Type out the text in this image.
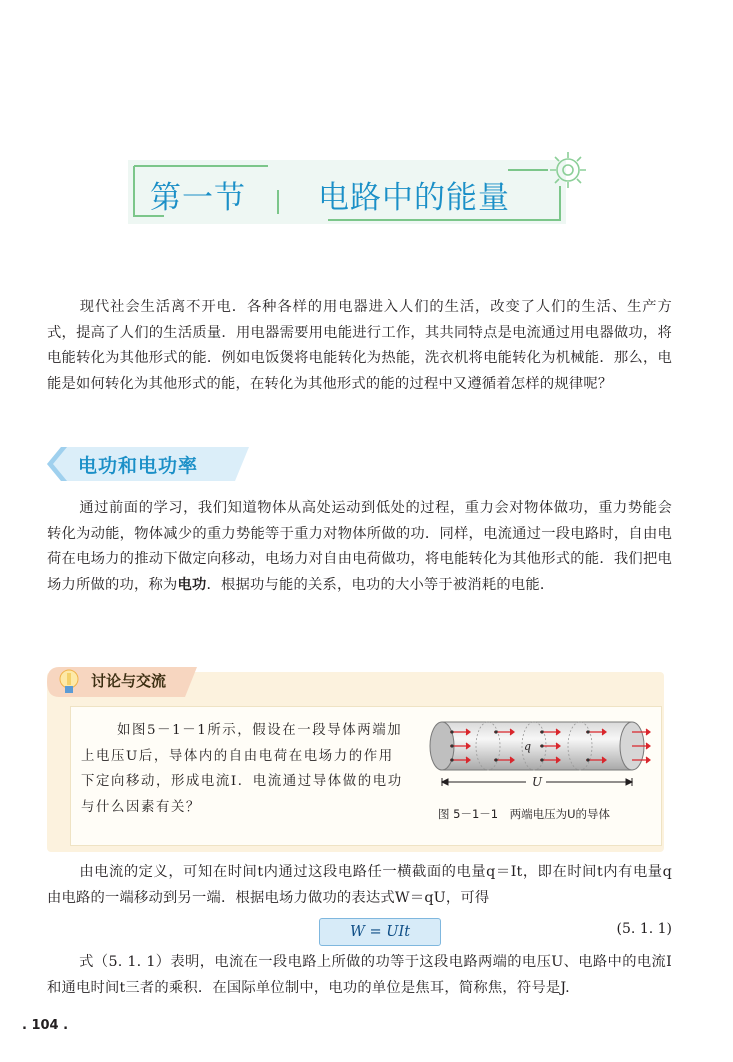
第一节 电路中的能量
现代社会生活离不开电．各种各样的用电器进入人们的生活，改变了人们的生活、生产方式，提高了人们的生活质量．用电器需要用电能进行工作，其共同特点是电流通过用电器做功，将电能转化为其他形式的能．例如电饭煲将电能转化为热能，洗衣机将电能转化为机械能．那么，电能是如何转化为其他形式的能，在转化为其他形式的能的过程中又遵循着怎样的规律呢？
电功和电功率
通过前面的学习，我们知道物体从高处运动到低处的过程，重力会对物体做功，重力势能会转化为动能，物体减少的重力势能等于重力对物体所做的功．同样，电流通过一段电路时，自由电荷在电场力的推动下做定向移动，电场力对自由电荷做功，将电能转化为其他形式的能．我们把电场力所做的功，称为电功．根据功与能的关系，电功的大小等于被消耗的电能．
讨论与交流
如图5－1－1所示，假设在一段导体两端加上电压U后，导体内的自由电荷在电场力的作用下定向移动，形成电流I．电流通过导体做的电功与什么因素有关？
q
U
图 5－1－1　两端电压为U的导体
由电流的定义，可知在时间t内通过这段电路任一横截面的电量q＝It，即在时间t内有电量q由电路的一端移动到另一端．根据电场力做功的表达式W＝qU，可得
W = UIt	(5. 1. 1)
式（5. 1. 1）表明，电流在一段电路上所做的功等于这段电路两端的电压U、电路中的电流I和通电时间t三者的乘积．在国际单位制中，电功的单位是焦耳，简称焦，符号是J.
. 104 .
